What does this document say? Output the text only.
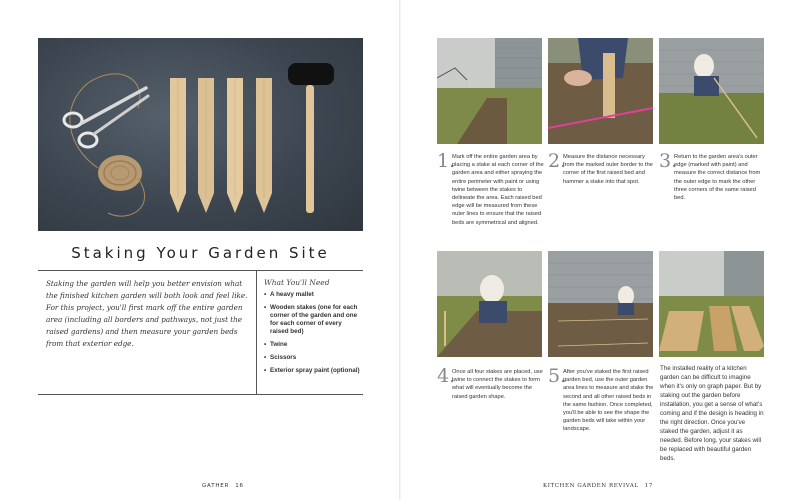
Staking Your Garden Site

Staking the garden will help you better envision what the finished kitchen garden will both look and feel like. For this project, you'll first mark off the entire garden area (including all borders and pathways, not just the raised gardens) and then measure your garden beds from that exterior edge.

What You'll Need
• A heavy mallet
• Wooden stakes (one for each corner of the garden and one for each corner of every raised bed)
• Twine
• Scissors
• Exterior spray paint (optional)
GATHER 16
1.

Mark off the entire garden area by placing a stake at each corner of the garden area and either spraying the entire perimeter with paint or using twine between the stakes to delineate the area. Each raised bed edge will be measured from these outer lines to ensure that the raised beds are symmetrical and aligned.

2.

Measure the distance necessary from the marked outer border to the corner of the first raised bed and hammer a stake into that spot.

3.

Return to the garden area's outer edge (marked with paint) and measure the correct distance from the outer edge to mark the other three corners of the same raised bed.

4.

Once all four stakes are placed, use twine to connect the stakes to form what will eventually become the raised garden shape.

5.

After you've staked the first raised garden bed, use the outer garden area lines to measure and stake the second and all other raised beds in the same fashion. Once completed, you'll be able to see the shape the garden beds will take within your landscape.

The installed reality of a kitchen garden can be difficult to imagine when it's only on graph paper. But by staking out the garden before installation, you get a sense of what's coming and if the design is heading in the right direction. Once you've staked the garden, adjust it as needed. Before long, your stakes will be replaced with beautiful garden beds.

KITCHEN GARDEN REVIVAL 17
